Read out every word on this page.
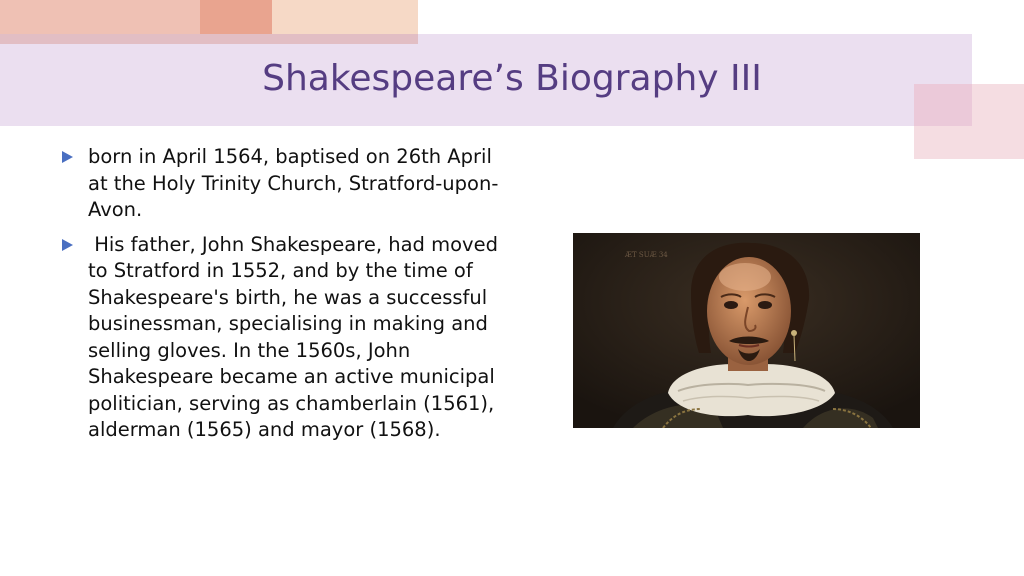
Shakespeare’s Biography III
born in April 1564, baptised on 26th April at the Holy Trinity Church, Stratford-upon-Avon.
His father, John Shakespeare, had moved to Stratford in 1552, and by the time of Shakespeare's birth, he was a successful businessman, specialising in making and selling gloves. In the 1560s, John Shakespeare became an active municipal politician, serving as chamberlain (1561), alderman (1565) and mayor (1568).
ÆT SUÆ 34
